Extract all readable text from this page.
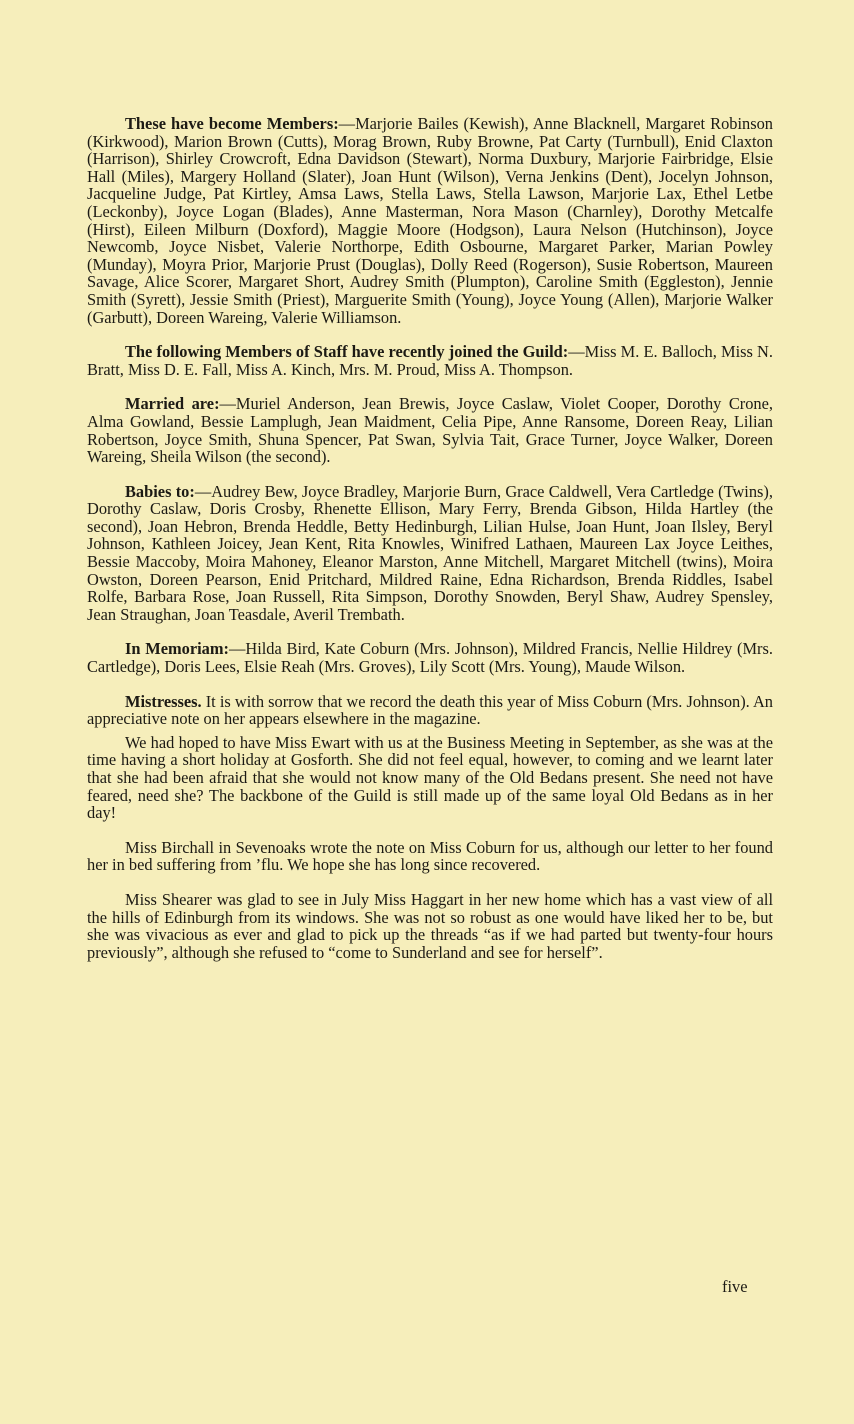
These have become Members:—Marjorie Bailes (Kewish), Anne Blacknell, Margaret Robinson (Kirkwood), Marion Brown (Cutts), Morag Brown, Ruby Browne, Pat Carty (Turnbull), Enid Claxton (Harrison), Shirley Crowcroft, Edna Davidson (Stewart), Norma Duxbury, Marjorie Fairbridge, Elsie Hall (Miles), Margery Holland (Slater), Joan Hunt (Wilson), Verna Jenkins (Dent), Jocelyn Johnson, Jacqueline Judge, Pat Kirtley, Amsa Laws, Stella Laws, Stella Lawson, Marjorie Lax, Ethel Letbe (Leckonby), Joyce Logan (Blades), Anne Masterman, Nora Mason (Charnley), Dorothy Metcalfe (Hirst), Eileen Milburn (Doxford), Maggie Moore (Hodgson), Laura Nelson (Hutchinson), Joyce Newcomb, Joyce Nisbet, Valerie Northorpe, Edith Osbourne, Margaret Parker, Marian Powley (Munday), Moyra Prior, Marjorie Prust (Douglas), Dolly Reed (Rogerson), Susie Robertson, Maureen Savage, Alice Scorer, Margaret Short, Audrey Smith (Plumpton), Caroline Smith (Eggleston), Jennie Smith (Syrett), Jessie Smith (Priest), Marguerite Smith (Young), Joyce Young (Allen), Marjorie Walker (Garbutt), Doreen Wareing, Valerie Williamson.

The following Members of Staff have recently joined the Guild:—Miss M. E. Balloch, Miss N. Bratt, Miss D. E. Fall, Miss A. Kinch, Mrs. M. Proud, Miss A. Thompson.

Married are:—Muriel Anderson, Jean Brewis, Joyce Caslaw, Violet Cooper, Dorothy Crone, Alma Gowland, Bessie Lamplugh, Jean Maidment, Celia Pipe, Anne Ransome, Doreen Reay, Lilian Robertson, Joyce Smith, Shuna Spencer, Pat Swan, Sylvia Tait, Grace Turner, Joyce Walker, Doreen Wareing, Sheila Wilson (the second).

Babies to:—Audrey Bew, Joyce Bradley, Marjorie Burn, Grace Caldwell, Vera Cartledge (Twins), Dorothy Caslaw, Doris Crosby, Rhenette Ellison, Mary Ferry, Brenda Gibson, Hilda Hartley (the second), Joan Hebron, Brenda Heddle, Betty Hedinburgh, Lilian Hulse, Joan Hunt, Joan Ilsley, Beryl Johnson, Kathleen Joicey, Jean Kent, Rita Knowles, Winifred Lathaen, Maureen Lax Joyce Leithes, Bessie Maccoby, Moira Mahoney, Eleanor Marston, Anne Mitchell, Margaret Mitchell (twins), Moira Owston, Doreen Pearson, Enid Pritchard, Mildred Raine, Edna Richardson, Brenda Riddles, Isabel Rolfe, Barbara Rose, Joan Russell, Rita Simpson, Dorothy Snowden, Beryl Shaw, Audrey Spensley, Jean Straughan, Joan Teasdale, Averil Trembath.

In Memoriam:—Hilda Bird, Kate Coburn (Mrs. Johnson), Mildred Francis, Nellie Hildrey (Mrs. Cartledge), Doris Lees, Elsie Reah (Mrs. Groves), Lily Scott (Mrs. Young), Maude Wilson.

Mistresses. It is with sorrow that we record the death this year of Miss Coburn (Mrs. Johnson). An appreciative note on her appears elsewhere in the magazine.

We had hoped to have Miss Ewart with us at the Business Meeting in September, as she was at the time having a short holiday at Gosforth. She did not feel equal, however, to coming and we learnt later that she had been afraid that she would not know many of the Old Bedans present. She need not have feared, need she? The backbone of the Guild is still made up of the same loyal Old Bedans as in her day!

Miss Birchall in Sevenoaks wrote the note on Miss Coburn for us, although our letter to her found her in bed suffering from ’flu. We hope she has long since recovered.

Miss Shearer was glad to see in July Miss Haggart in her new home which has a vast view of all the hills of Edinburgh from its windows. She was not so robust as one would have liked her to be, but she was vivacious as ever and glad to pick up the threads “as if we had parted but twenty-four hours previously”, although she refused to “come to Sunderland and see for herself”.

five
